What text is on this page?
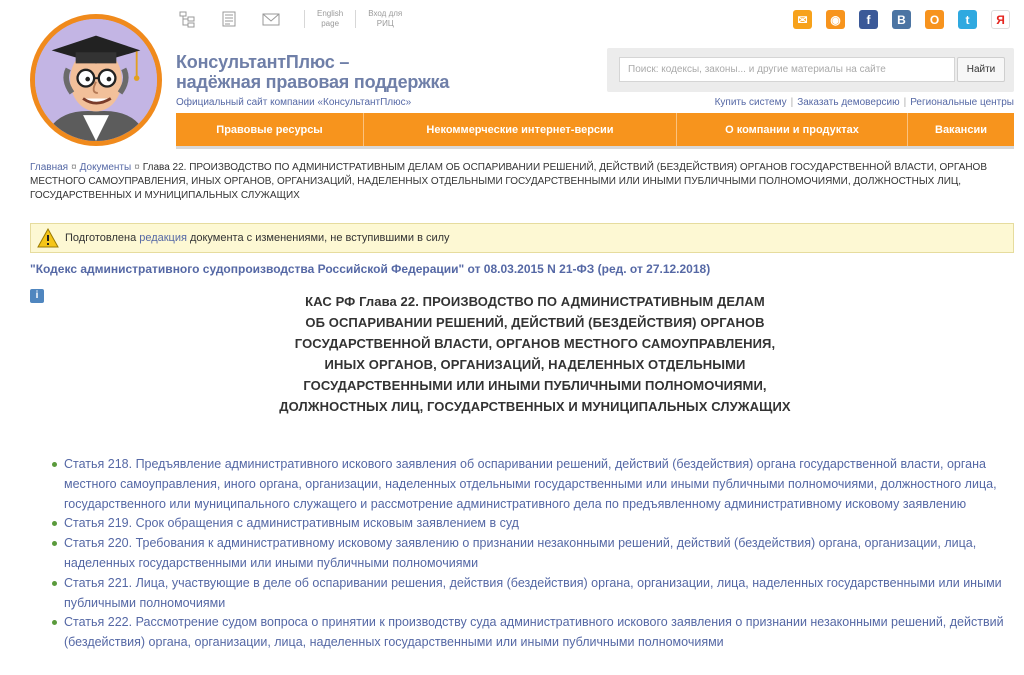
КонсультантПлюс –
надёжная правовая поддержка
Официальный сайт компании «КонсультантПлюс»
English
page
Вход для
РИЦ	✉	◉	f	B	О	t	Я
Поиск: кодексы, законы... и другие материалы на сайте
Найти
Купить систему | Заказать демоверсию | Региональные центры
Правовые ресурсы	Некоммерческие интернет-версии	О компании и продуктах	Вакансии
Главная ¤ Документы ¤ Глава 22. ПРОИЗВОДСТВО ПО АДМИНИСТРАТИВНЫМ ДЕЛАМ ОБ ОСПАРИВАНИИ РЕШЕНИЙ, ДЕЙСТВИЙ (БЕЗДЕЙСТВИЯ) ОРГАНОВ ГОСУДАРСТВЕННОЙ ВЛАСТИ, ОРГАНОВ МЕСТНОГО САМОУПРАВЛЕНИЯ, ИНЫХ ОРГАНОВ, ОРГАНИЗАЦИЙ, НАДЕЛЕННЫХ ОТДЕЛЬНЫМИ ГОСУДАРСТВЕННЫМИ ИЛИ ИНЫМИ ПУБЛИЧНЫМИ ПОЛНОМОЧИЯМИ, ДОЛЖНОСТНЫХ ЛИЦ, ГОСУДАРСТВЕННЫХ И МУНИЦИПАЛЬНЫХ СЛУЖАЩИХ
Подготовлена редакция документа с изменениями, не вступившими в силу
"Кодекс административного судопроизводства Российской Федерации" от 08.03.2015 N 21-ФЗ (ред. от 27.12.2018)
i	КАС РФ Глава 22. ПРОИЗВОДСТВО ПО АДМИНИСТРАТИВНЫМ ДЕЛАМ
ОБ ОСПАРИВАНИИ РЕШЕНИЙ, ДЕЙСТВИЙ (БЕЗДЕЙСТВИЯ) ОРГАНОВ
ГОСУДАРСТВЕННОЙ ВЛАСТИ, ОРГАНОВ МЕСТНОГО САМОУПРАВЛЕНИЯ,
ИНЫХ ОРГАНОВ, ОРГАНИЗАЦИЙ, НАДЕЛЕННЫХ ОТДЕЛЬНЫМИ
ГОСУДАРСТВЕННЫМИ ИЛИ ИНЫМИ ПУБЛИЧНЫМИ ПОЛНОМОЧИЯМИ,
ДОЛЖНОСТНЫХ ЛИЦ, ГОСУДАРСТВЕННЫХ И МУНИЦИПАЛЬНЫХ СЛУЖАЩИХ
Статья 218. Предъявление административного искового заявления об оспаривании решений, действий (бездействия) органа государственной власти, органа местного самоуправления, иного органа, организации, наделенных отдельными государственными или иными публичными полномочиями, должностного лица, государственного или муниципального служащего и рассмотрение административного дела по предъявленному административному исковому заявлению
Статья 219. Срок обращения с административным исковым заявлением в суд
Статья 220. Требования к административному исковому заявлению о признании незаконными решений, действий (бездействия) органа, организации, лица, наделенных государственными или иными публичными полномочиями
Статья 221. Лица, участвующие в деле об оспаривании решения, действия (бездействия) органа, организации, лица, наделенных государственными или иными публичными полномочиями
Статья 222. Рассмотрение судом вопроса о принятии к производству суда административного искового заявления о признании незаконными решений, действий (бездействия) органа, организации, лица, наделенных государственными или иными публичными полномочиями
